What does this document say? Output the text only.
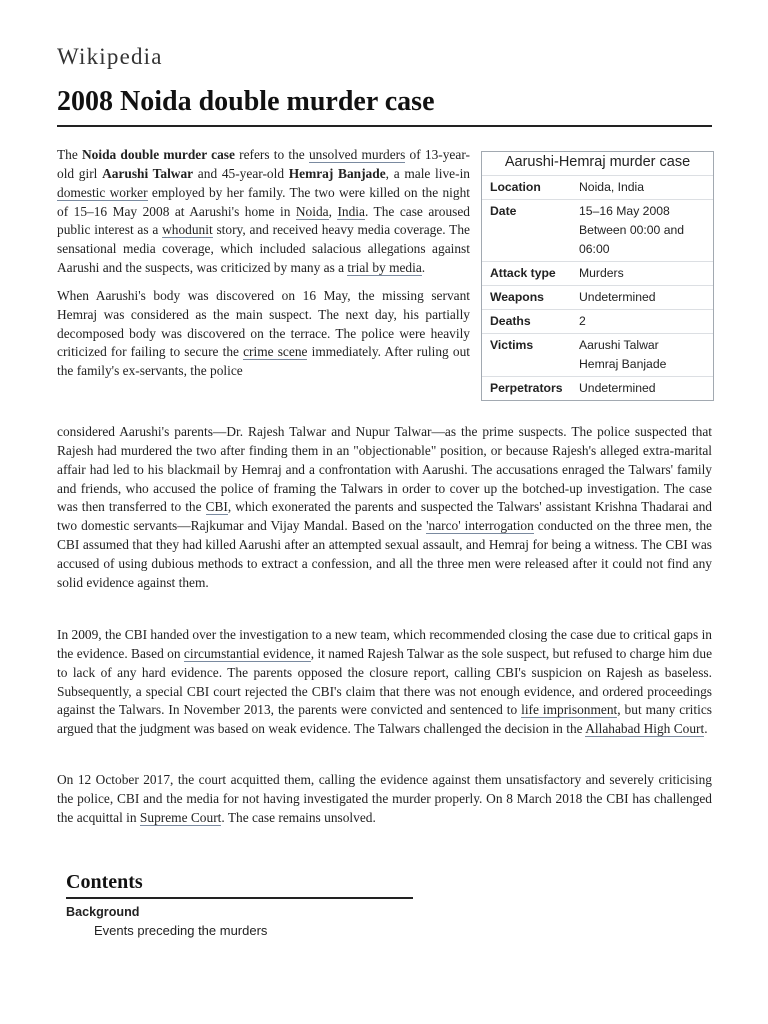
Wikipedia
2008 Noida double murder case

The Noida double murder case refers to the unsolved murders of 13-year-old girl Aarushi Talwar and 45-year-old Hemraj Banjade, a male live-in domestic worker employed by her family. The two were killed on the night of 15–16 May 2008 at Aarushi's home in Noida, India. The case aroused public interest as a whodunit story, and received heavy media coverage. The sensational media coverage, which included salacious allegations against Aarushi and the suspects, was criticized by many as a trial by media.

When Aarushi's body was discovered on 16 May, the missing servant Hemraj was considered as the main suspect. The next day, his partially decomposed body was discovered on the terrace. The police were heavily criticized for failing to secure the crime scene immediately. After ruling out the family's ex-servants, the police

considered Aarushi's parents—Dr. Rajesh Talwar and Nupur Talwar—as the prime suspects. The police suspected that Rajesh had murdered the two after finding them in an "objectionable" position, or because Rajesh's alleged extra-marital affair had led to his blackmail by Hemraj and a confrontation with Aarushi. The accusations enraged the Talwars' family and friends, who accused the police of framing the Talwars in order to cover up the botched-up investigation. The case was then transferred to the CBI, which exonerated the parents and suspected the Talwars' assistant Krishna Thadarai and two domestic servants—Rajkumar and Vijay Mandal. Based on the 'narco' interrogation conducted on the three men, the CBI assumed that they had killed Aarushi after an attempted sexual assault, and Hemraj for being a witness. The CBI was accused of using dubious methods to extract a confession, and all the three men were released after it could not find any solid evidence against them.

In 2009, the CBI handed over the investigation to a new team, which recommended closing the case due to critical gaps in the evidence. Based on circumstantial evidence, it named Rajesh Talwar as the sole suspect, but refused to charge him due to lack of any hard evidence. The parents opposed the closure report, calling CBI's suspicion on Rajesh as baseless. Subsequently, a special CBI court rejected the CBI's claim that there was not enough evidence, and ordered proceedings against the Talwars. In November 2013, the parents were convicted and sentenced to life imprisonment, but many critics argued that the judgment was based on weak evidence. The Talwars challenged the decision in the Allahabad High Court.

On 12 October 2017, the court acquitted them, calling the evidence against them unsatisfactory and severely criticising the police, CBI and the media for not having investigated the murder properly. On 8 March 2018 the CBI has challenged the acquittal in Supreme Court. The case remains unsolved.

Aarushi-Hemraj murder case
Location	Noida, India
Date	15–16 May 2008
Between 00:00 and 06:00
Attack type	Murders
Weapons	Undetermined
Deaths	2
Victims	Aarushi Talwar
Hemraj Banjade
Perpetrators	Undetermined
Contents
Background
Events preceding the murders
